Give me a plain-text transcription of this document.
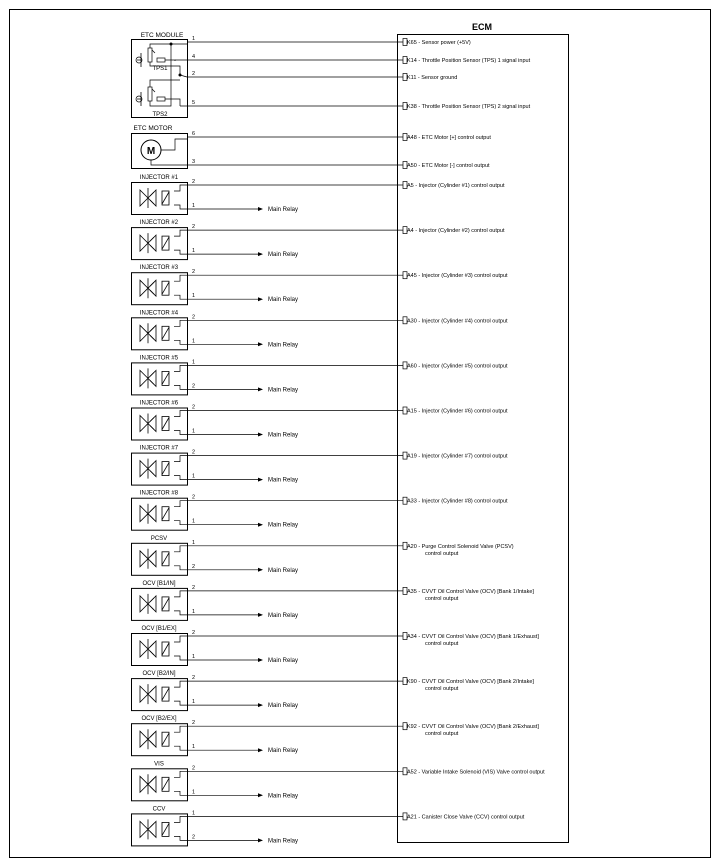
ECM
ETC MODULE
TPS1
TPS2
ETC MOTOR
M
1
4
2
5
6
3
K65 - Sensor power (+5V)
K14 - Throttle Position Sensor (TPS) 1 signal input
K11 - Sensor ground
K38 - Throttle Position Sensor (TPS) 2 signal input
A48 - ETC Motor [+] control output
A50 - ETC Motor [-] control output
A5 - Injector (Cylinder #1) control output
A4 - Injector (Cylinder #2) control output
A45 - Injector (Cylinder #3) control output
A30 - Injector (Cylinder #4) control output
A60 - Injector (Cylinder #5) control output
A15 - Injector (Cylinder #6) control output
A19 - Injector (Cylinder #7) control output
A33 - Injector (Cylinder #8) control output
A20 - Purge Control Solenoid Valve (PCSV)
control output
A35 - CVVT Oil Control Valve (OCV) [Bank 1/Intake]
control output
A34 - CVVT Oil Control Valve (OCV) [Bank 1/Exhaust]
control output
K90 - CVVT Oil Control Valve (OCV) [Bank 2/Intake]
control output
K92 - CVVT Oil Control Valve (OCV) [Bank 2/Exhaust]
control output
A52 - Variable Intake Solenoid (VIS) Valve control output
A21 - Canister Close Valve (CCV) control output
INJECTOR #1
2
1
Main Relay
INJECTOR #2
2
1
Main Relay
INJECTOR #3
2
1
Main Relay
INJECTOR #4
2
1
Main Relay
INJECTOR #5
1
2
Main Relay
INJECTOR #6
2
1
Main Relay
INJECTOR #7
2
1
Main Relay
INJECTOR #8
2
1
Main Relay
PCSV
1
2
Main Relay
OCV [B1/IN]
2
1
Main Relay
OCV [B1/EX]
2
1
Main Relay
OCV [B2/IN]
2
1
Main Relay
OCV [B2/EX]
2
1
Main Relay
VIS
2
1
Main Relay
CCV
1
2
Main Relay
